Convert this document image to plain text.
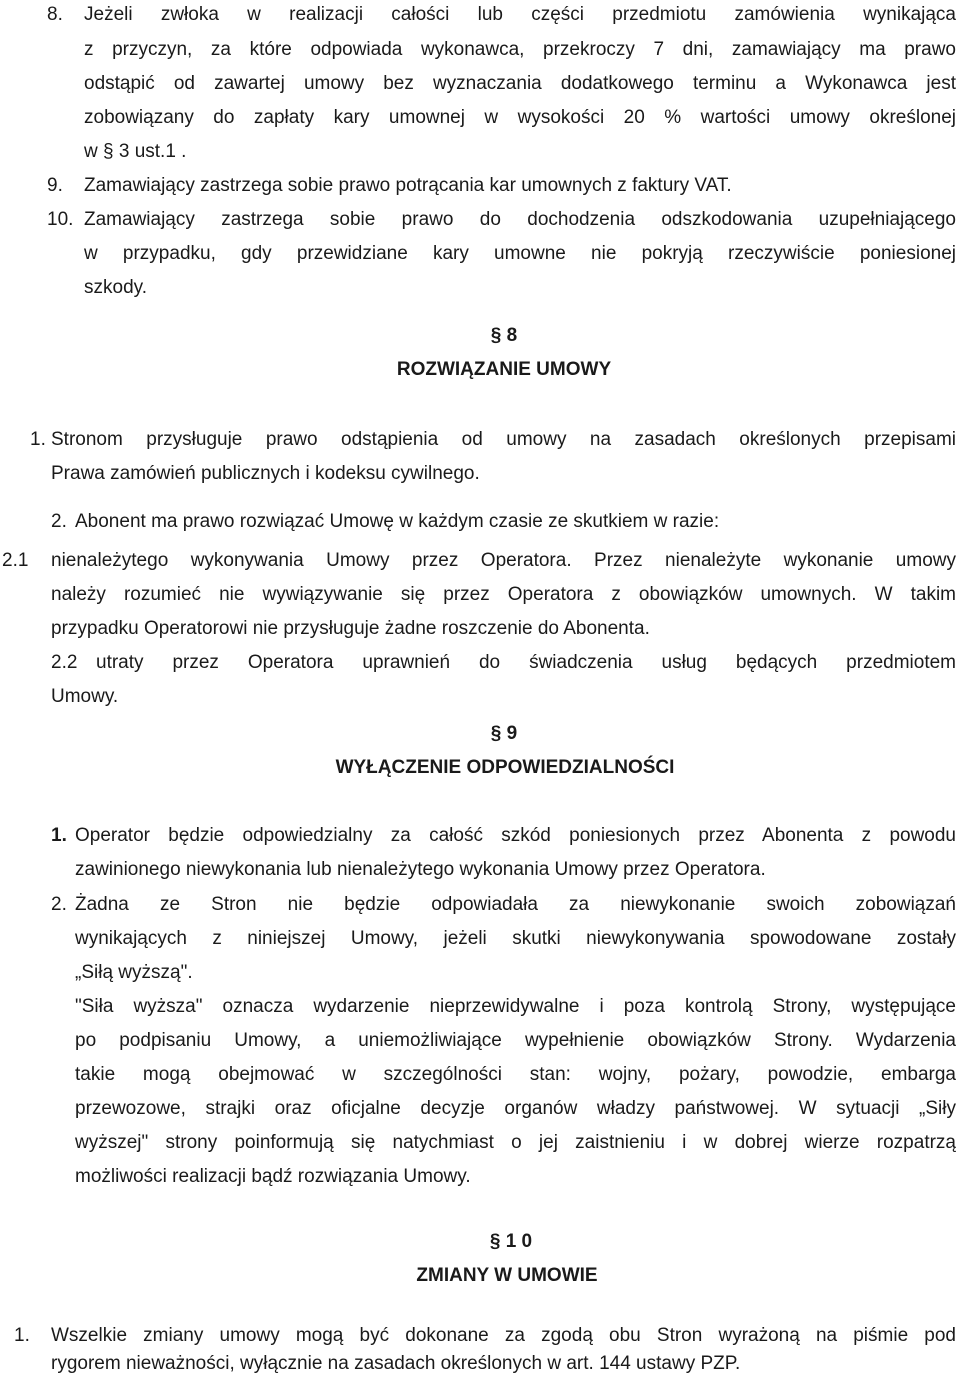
8. Jeżeli zwłoka w realizacji całości lub części przedmiotu zamówienia wynikająca
z przyczyn, za które odpowiada wykonawca, przekroczy 7 dni, zamawiający ma prawo
odstąpić od zawartej umowy bez wyznaczania dodatkowego terminu a Wykonawca jest
zobowiązany do zapłaty kary umownej w wysokości 20 % wartości umowy określonej
w § 3 ust.1 .
9. Zamawiający zastrzega sobie prawo potrącania kar umownych z faktury VAT.
10. Zamawiający zastrzega sobie prawo do dochodzenia odszkodowania uzupełniającego
w przypadku, gdy przewidziane kary umowne nie pokryją rzeczywiście poniesionej
szkody.
§ 8
ROZWIĄZANIE UMOWY
1. Stronom przysługuje prawo odstąpienia od umowy na zasadach określonych przepisami
Prawa zamówień publicznych i kodeksu cywilnego.
2. Abonent ma prawo rozwiązać Umowę w każdym czasie ze skutkiem w razie:
2.1 nienależytego wykonywania Umowy przez Operatora. Przez nienależyte wykonanie umowy
należy rozumieć nie wywiązywanie się przez Operatora z obowiązków umownych. W takim
przypadku Operatorowi nie przysługuje żadne roszczenie do Abonenta.
2.2 utraty przez Operatora uprawnień do świadczenia usług będących przedmiotem
Umowy.
§ 9
WYŁĄCZENIE ODPOWIEDZIALNOŚCI
1. Operator będzie odpowiedzialny za całość szkód poniesionych przez Abonenta z powodu
zawinionego niewykonania lub nienależytego wykonania Umowy przez Operatora.
2. Żadna ze Stron nie będzie odpowiadała za niewykonanie swoich zobowiązań
wynikających z niniejszej Umowy, jeżeli skutki niewykonywania spowodowane zostały
„Siłą wyższą".
"Siła wyższa" oznacza wydarzenie nieprzewidywalne i poza kontrolą Strony, występujące
po podpisaniu Umowy, a uniemożliwiające wypełnienie obowiązków Strony. Wydarzenia
takie mogą obejmować w szczególności stan: wojny, pożary, powodzie, embarga
przewozowe, strajki oraz oficjalne decyzje organów władzy państwowej. W sytuacji „Siły
wyższej" strony poinformują się natychmiast o jej zaistnieniu i w dobrej wierze rozpatrzą
możliwości realizacji bądź rozwiązania Umowy.
§ 1 0
ZMIANY W UMOWIE
1. Wszelkie zmiany umowy mogą być dokonane za zgodą obu Stron wyrażoną na piśmie pod
rygorem nieważności, wyłącznie na zasadach określonych w art. 144 ustawy PZP.
